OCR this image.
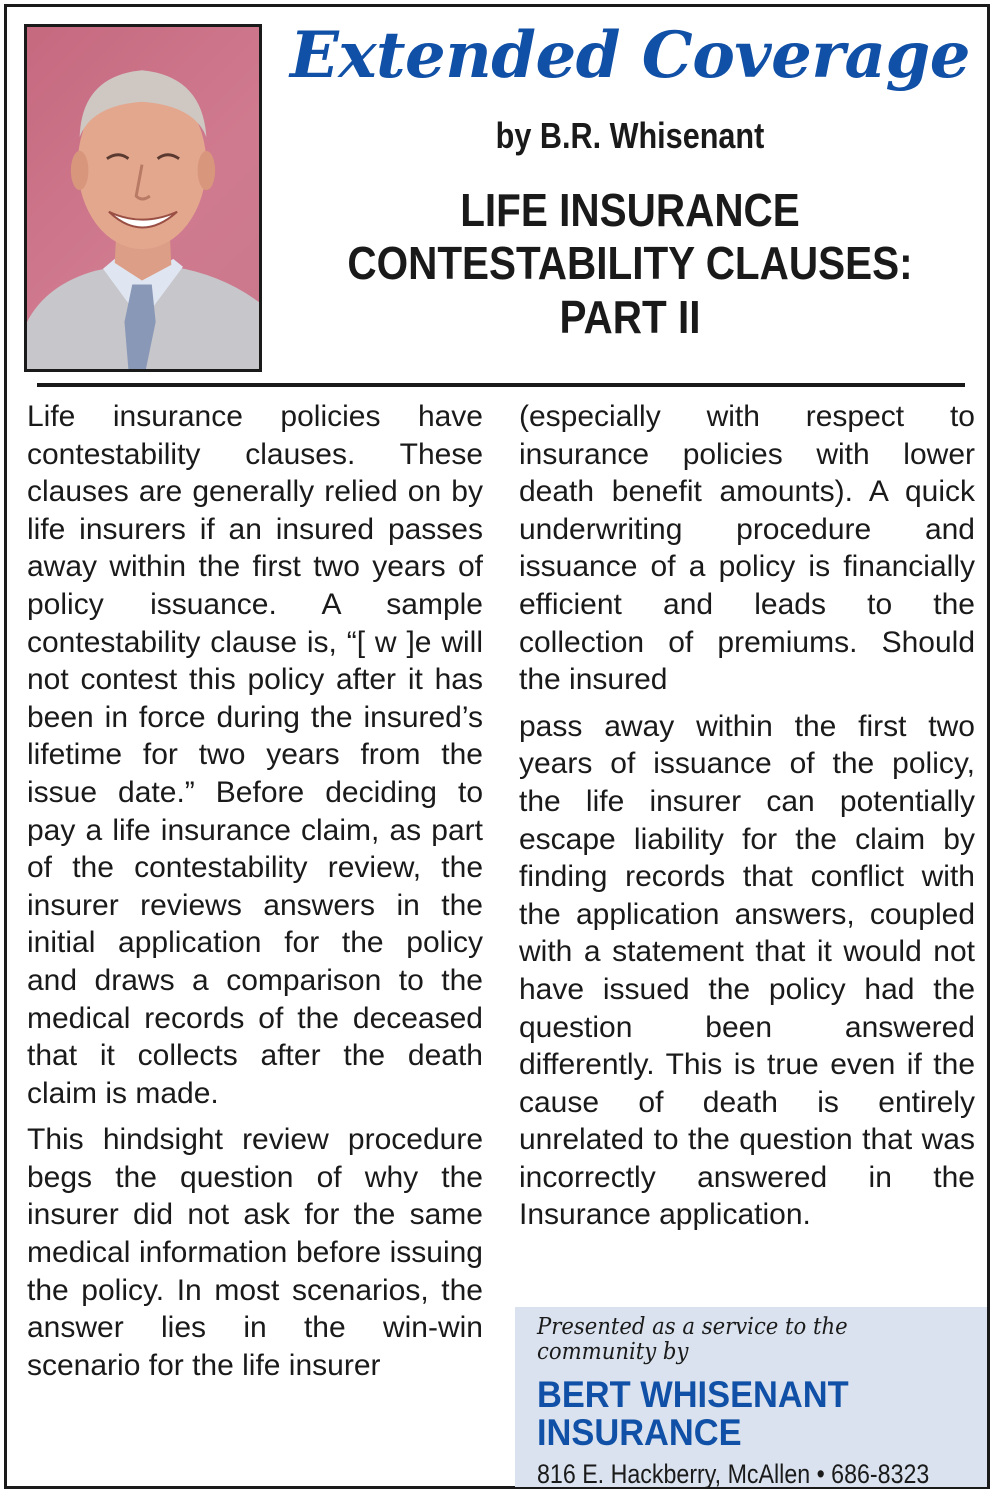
Extended Coverage
by B.R. Whisenant
LIFE INSURANCE
CONTESTABILITY CLAUSES:
PART II

Life insurance policies have contestability clauses. These clauses are generally relied on by life insurers if an insured passes away within the first two years of policy issuance. A sample contestability clause is, “[ w ]e will not contest this policy after it has been in force during the insured’s lifetime for two years from the issue date.” Before deciding to pay a life insurance claim, as part of the contestability review, the insurer reviews answers in the initial application for the policy and draws a comparison to the medical records of the deceased that it collects after the death claim is made.

This hindsight review procedure begs the question of why the insurer did not ask for the same medical information before issuing the policy. In most scenarios, the answer lies in the win-win scenario for the life insurer

(especially with respect to insurance policies with lower death benefit amounts). A quick underwriting procedure and issuance of a policy is financially efficient and leads to the collection of premiums. Should the insured

pass away within the first two years of issuance of the policy, the life insurer can potentially escape liability for the claim by finding records that conflict with the application answers, coupled with a statement that it would not have issued the policy had the question been answered differently. This is true even if the cause of death is entirely unrelated to the question that was incorrectly answered in the Insurance application.

Presented as a service to the community by
BERT WHISENANT
INSURANCE
816 E. Hackberry, McAllen • 686-8323
